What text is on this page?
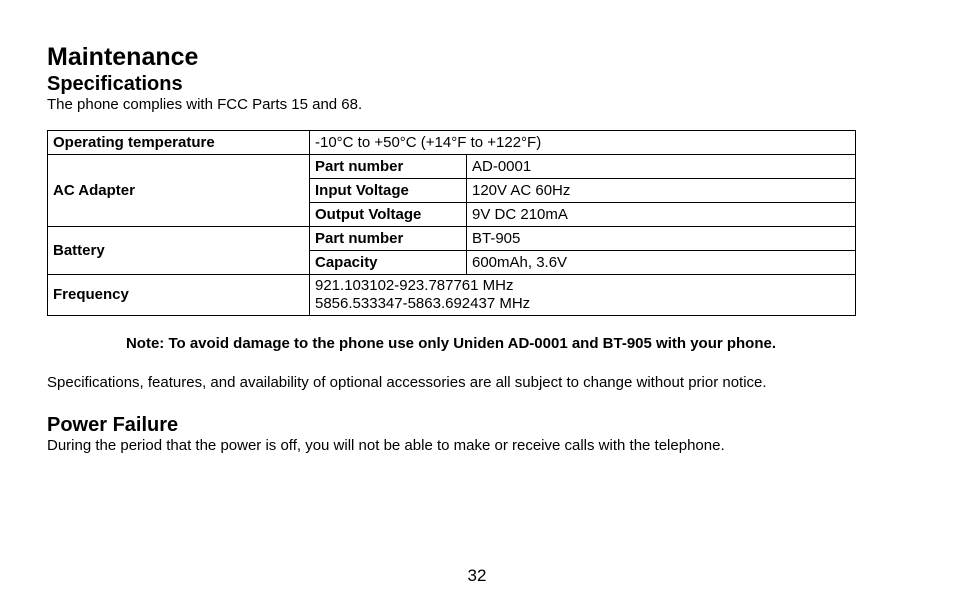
Maintenance
Specifications

The phone complies with FCC Parts 15 and 68.

Operating temperature	-10°C to +50°C (+14°F to +122°F)	
AC Adapter	Part number	AD-0001
	Input Voltage	120V AC 60Hz
	Output Voltage	9V DC 210mA
Battery	Part number	BT-905
	Capacity	600mAh, 3.6V
Frequency	921.103102-923.787761 MHz
5856.533347-5863.692437 MHz	

Note: To avoid damage to the phone use only Uniden AD-0001 and BT-905 with your phone.

Specifications, features, and availability of optional accessories are all subject to change without prior notice.

Power Failure

During the period that the power is off, you will not be able to make or receive calls with the telephone.

32
